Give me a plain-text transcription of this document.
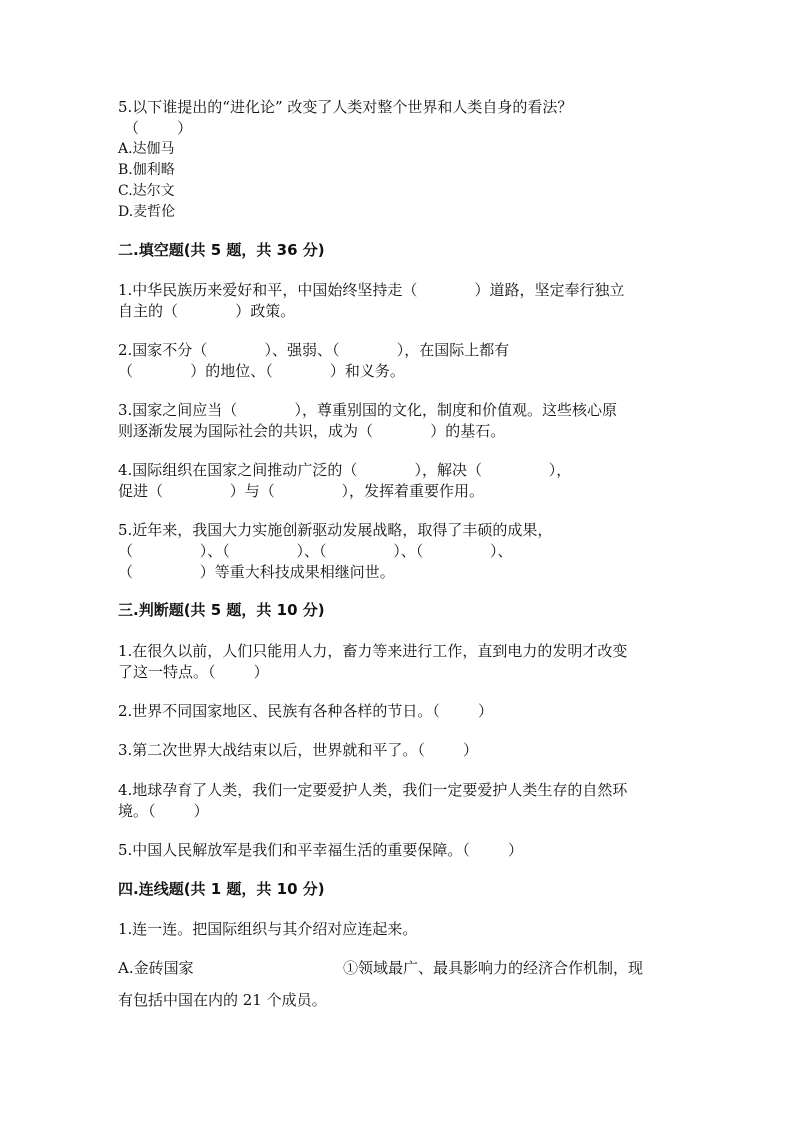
5.以下谁提出的“进化论” 改变了人类对整个世界和人类自身的看法？
（        ）
A.达伽马
B.伽利略
C.达尔文
D.麦哲伦
二.填空题(共 5 题，共 36 分)
1.中华民族历来爱好和平，中国始终坚持走（            ）道路，坚定奉行独立
自主的（            ）政策。
2.国家不分（            ）、强弱、（            ），在国际上都有
（            ）的地位、（            ）和义务。
3.国家之间应当（            ），尊重别国的文化，制度和价值观。这些核心原
则逐渐发展为国际社会的共识，成为（            ）的基石。
4.国际组织在国家之间推动广泛的（            ），解决（              ），
促进（              ）与（              ），发挥着重要作用。
5.近年来，我国大力实施创新驱动发展战略，取得了丰硕的成果，
（              ）、（              ）、（              ）、（              ）、
（              ）等重大科技成果相继问世。
三.判断题(共 5 题，共 10 分)
1.在很久以前，人们只能用人力，畜力等来进行工作，直到电力的发明才改变
了这一特点。（        ）
2.世界不同国家地区、民族有各种各样的节日。（        ）
3.第二次世界大战结束以后，世界就和平了。（        ）
4.地球孕育了人类，我们一定要爱护人类，我们一定要爱护人类生存的自然环
境。（        ）
5.中国人民解放军是我们和平幸福生活的重要保障。（        ）
四.连线题(共 1 题，共 10 分)
1.连一连。把国际组织与其介绍对应连起来。
A.金砖国家	①领域最广、最具影响力的经济合作机制，现
有包括中国在内的 21 个成员。
